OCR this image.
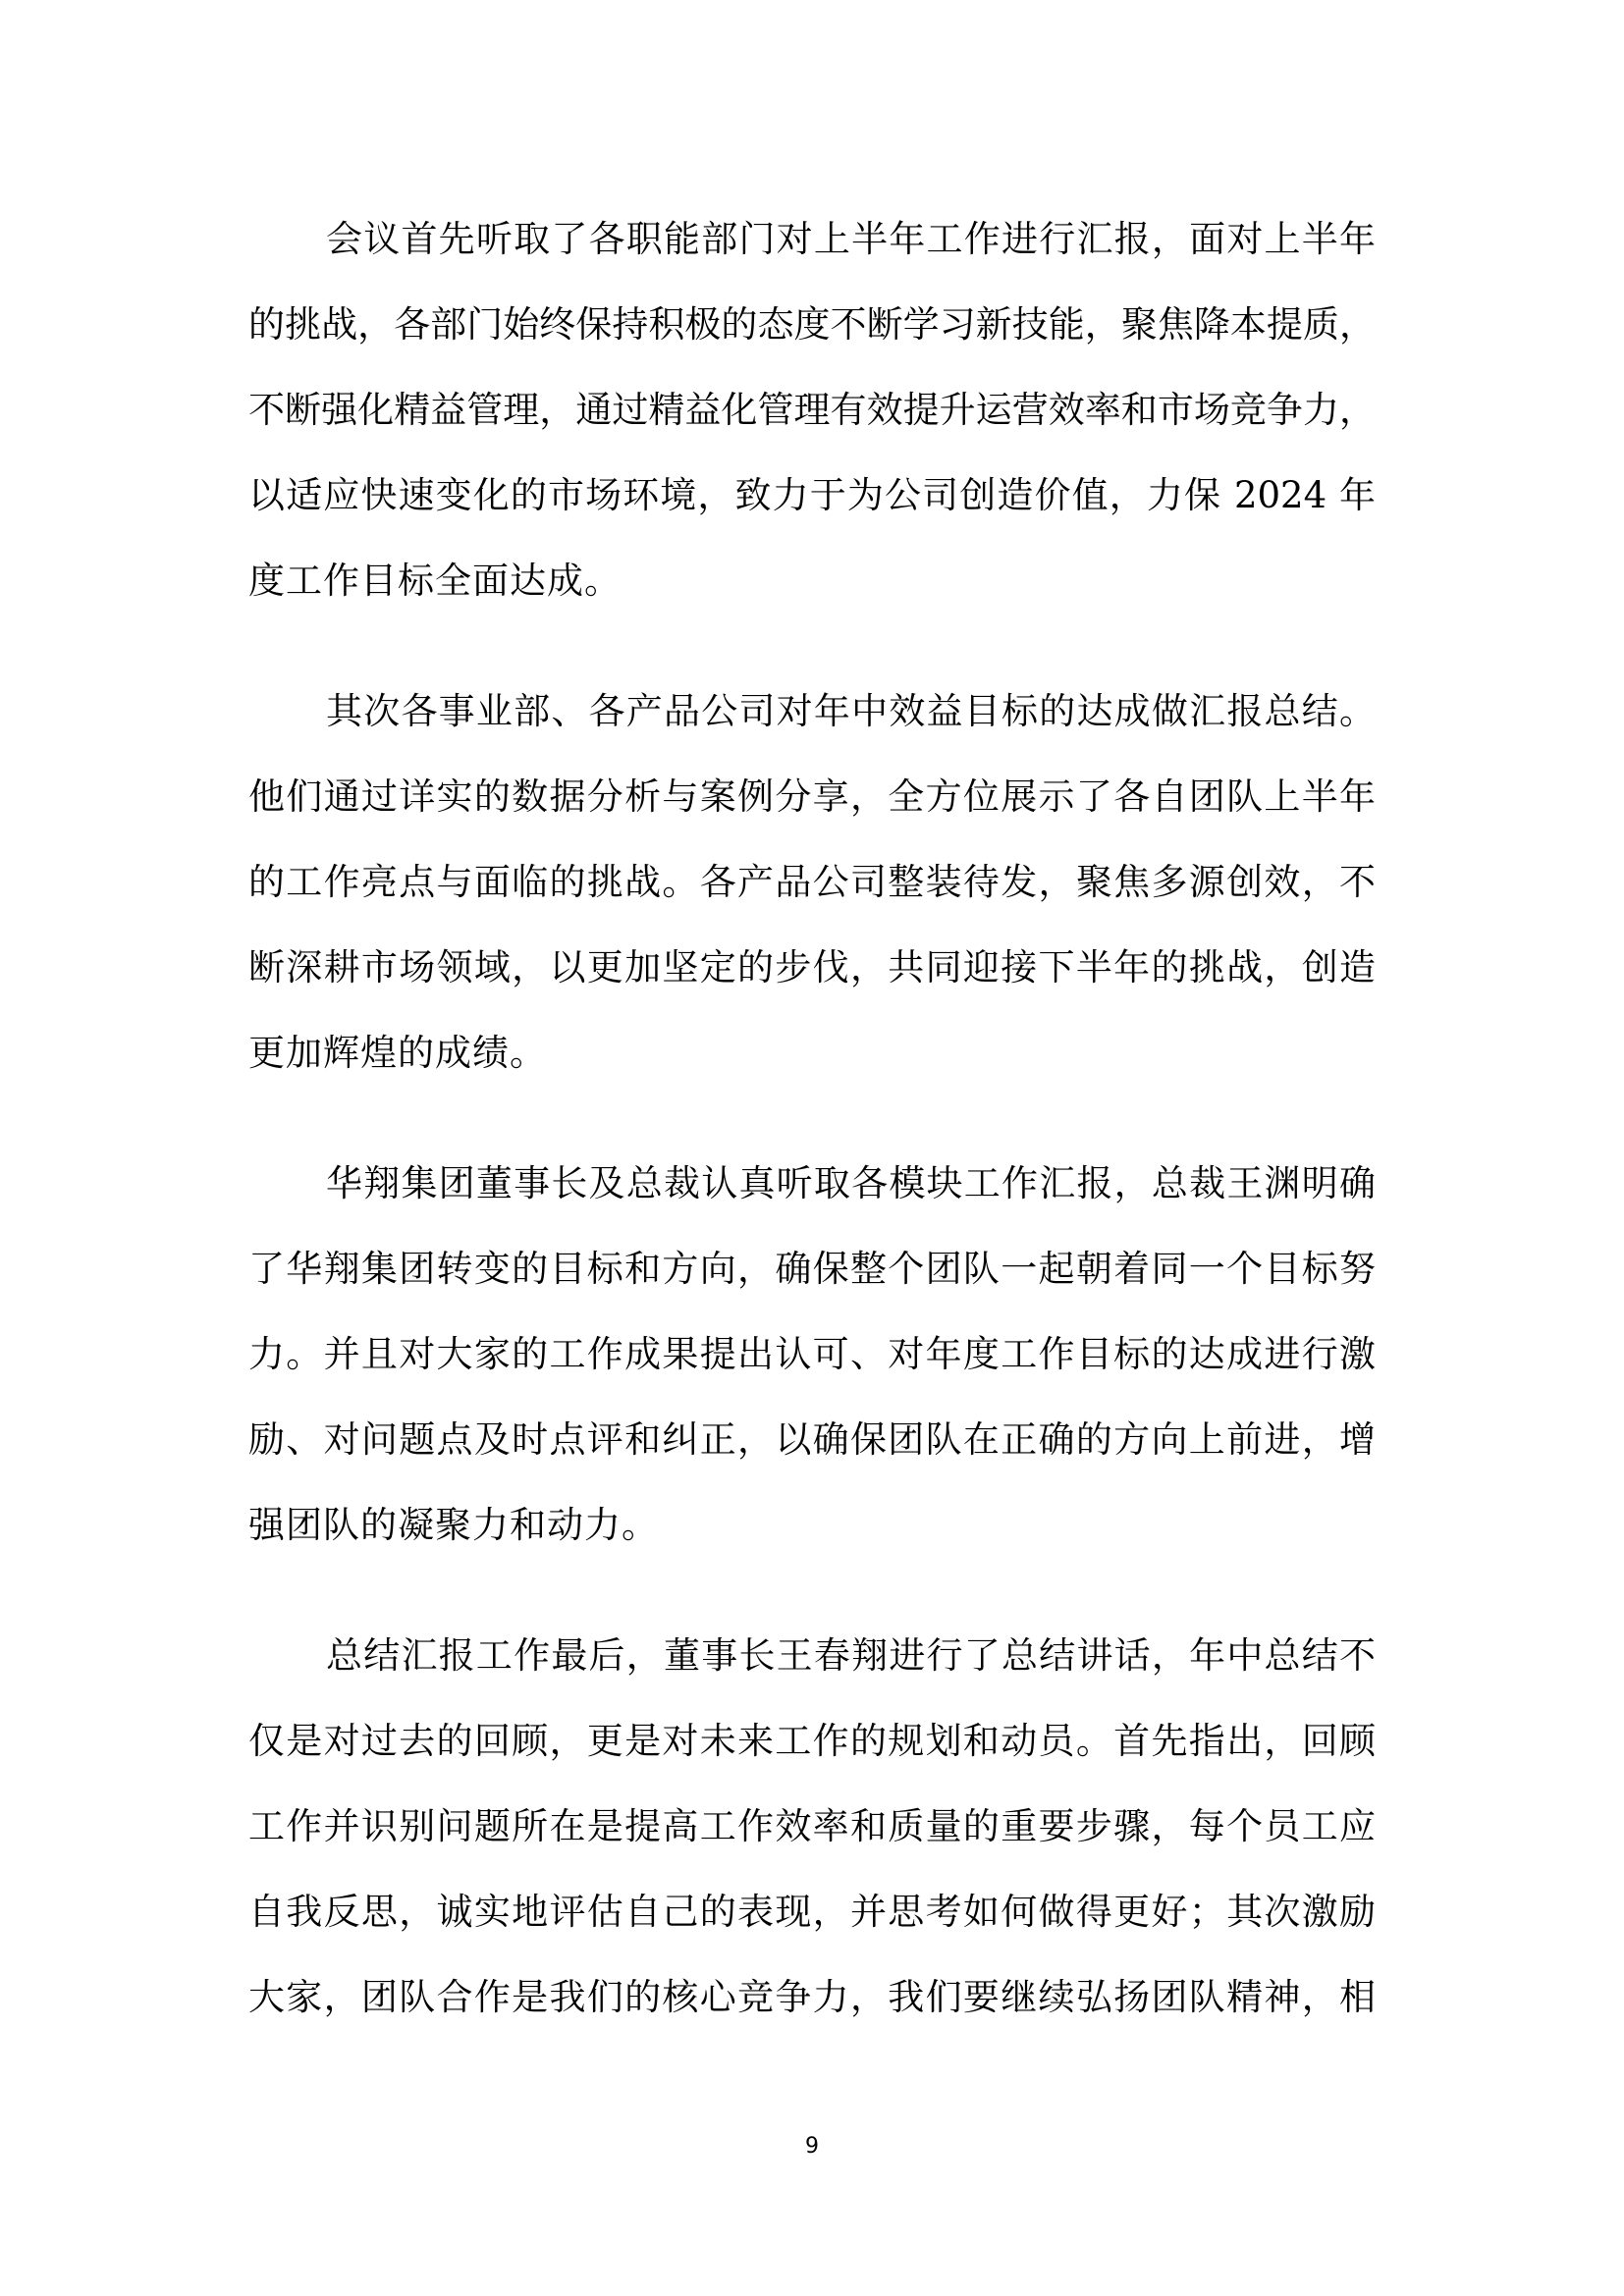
会议首先听取了各职能部门对上半年工作进行汇报，面对上半年
的挑战，各部门始终保持积极的态度不断学习新技能，聚焦降本提质，
不断强化精益管理，通过精益化管理有效提升运营效率和市场竞争力，
以适应快速变化的市场环境，致力于为公司创造价值，力保 2024 年
度工作目标全面达成。

其次各事业部、各产品公司对年中效益目标的达成做汇报总结。
他们通过详实的数据分析与案例分享，全方位展示了各自团队上半年
的工作亮点与面临的挑战。各产品公司整装待发，聚焦多源创效，不
断深耕市场领域，以更加坚定的步伐，共同迎接下半年的挑战，创造
更加辉煌的成绩。

华翔集团董事长及总裁认真听取各模块工作汇报，总裁王渊明确
了华翔集团转变的目标和方向，确保整个团队一起朝着同一个目标努
力。并且对大家的工作成果提出认可、对年度工作目标的达成进行激
励、对问题点及时点评和纠正，以确保团队在正确的方向上前进，增
强团队的凝聚力和动力。

总结汇报工作最后，董事长王春翔进行了总结讲话，年中总结不
仅是对过去的回顾，更是对未来工作的规划和动员。首先指出，回顾
工作并识别问题所在是提高工作效率和质量的重要步骤，每个员工应
自我反思，诚实地评估自己的表现，并思考如何做得更好；其次激励
大家，团队合作是我们的核心竞争力，我们要继续弘扬团队精神，相

9
